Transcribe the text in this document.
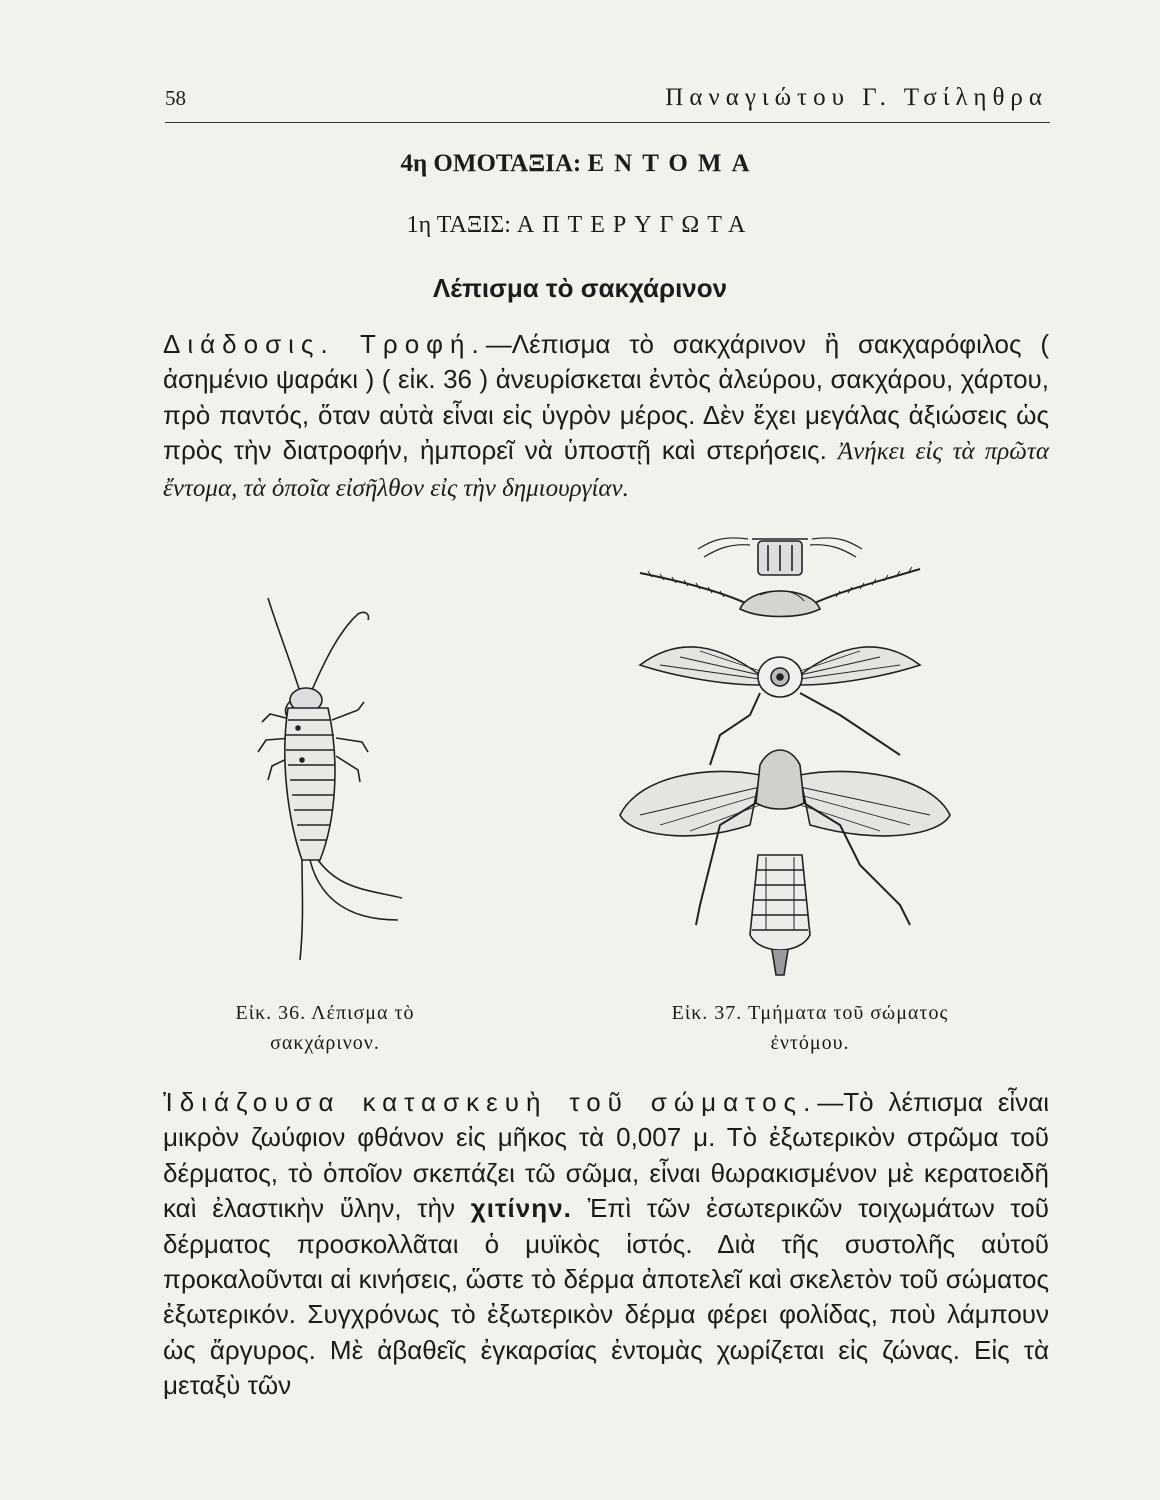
58	Παναγιώτου Γ. Τσίληθρα
4η ΟΜΟΤΑΞΙΑ: ΕΝΤΟΜΑ
1η ΤΑΞΙΣ: ΑΠΤΕΡΥΓΩΤΑ
Λέπισμα τὸ σακχάρινον
Διάδοσις. Τροφή.—Λέπισμα τὸ σακχάρινον ἢ σακχαρόφιλος ( ἀσημένιο ψαράκι ) ( εἰκ. 36 ) ἀνευρίσκεται ἐντὸς ἀλεύρου, σακχάρου, χάρτου, πρὸ παντός, ὅταν αὐτὰ εἶναι εἰς ὑγρὸν μέρος. Δὲν ἔχει μεγάλας ἀξιώσεις ὡς πρὸς τὴν διατροφήν, ἠμπορεῖ νὰ ὑποστῇ καὶ στερήσεις. Ἀνήκει εἰς τὰ πρῶτα ἔντομα, τὰ ὁποῖα εἰσῆλθον εἰς τὴν δημιουργίαν.
Εἰκ. 36. Λέπισμα τὸ
σακχάρινον.
Εἰκ. 37. Τμήματα τοῦ σώματος
ἐντόμου.
Ἰδιάζουσα κατασκευὴ τοῦ σώματος.—Τὸ λέπισμα εἶναι μικρὸν ζωύφιον φθάνον εἰς μῆκος τὰ 0,007 μ. Τὸ ἐξωτερικὸν στρῶμα τοῦ δέρματος, τὸ ὁποῖον σκεπάζει τῶ σῶμα, εἶναι θωρακισμένον μὲ κερατοειδῆ καὶ ἐλαστικὴν ὕλην, τὴν χιτίνην. Ἐπὶ τῶν ἐσωτερικῶν τοιχωμάτων τοῦ δέρματος προσκολλᾶται ὁ μυϊκὸς ἱστός. Διὰ τῆς συστολῆς αὐτοῦ προκαλοῦνται αἱ κινήσεις, ὥστε τὸ δέρμα ἀποτελεῖ καὶ σκελετὸν τοῦ σώματος ἐξωτερικόν. Συγχρόνως τὸ ἐξωτερικὸν δέρμα φέρει φολίδας, ποὺ λάμπουν ὡς ἄργυρος. Μὲ ἀβαθεῖς ἐγκαρσίας ἐντομὰς χωρίζεται εἰς ζώνας. Εἰς τὰ μεταξὺ τῶν
